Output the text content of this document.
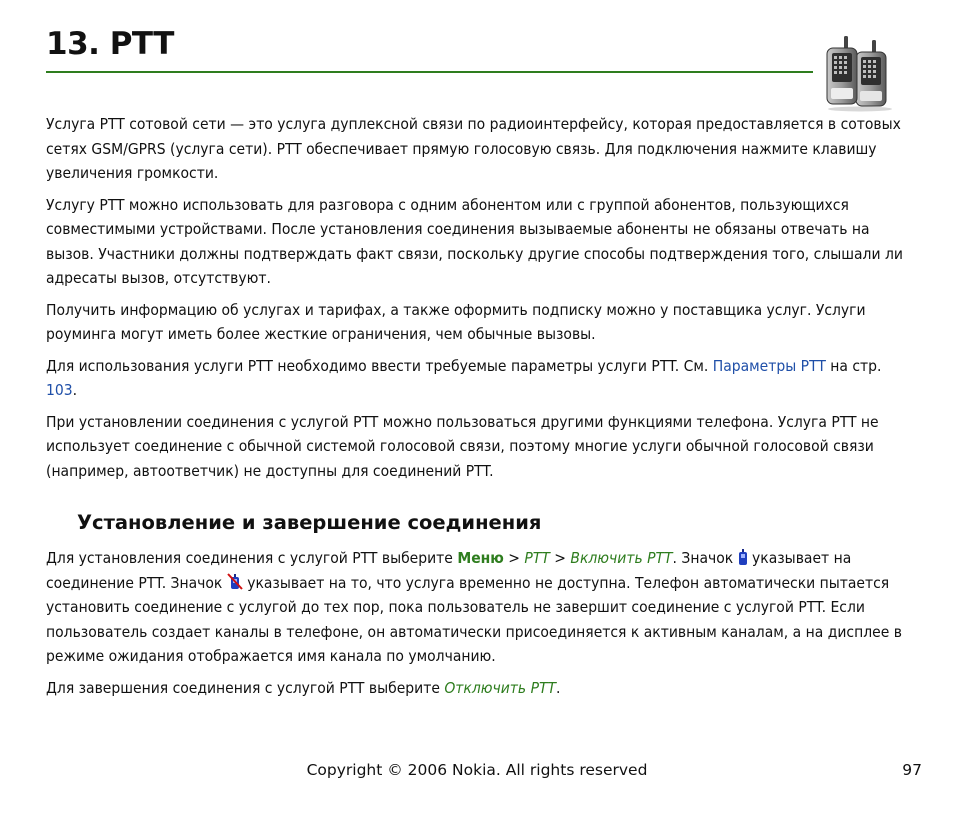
13. PTT

Услуга PTT сотовой сети — это услуга дуплексной связи по радиоинтерфейсу, которая предоставляется в сотовых сетях GSM/GPRS (услуга сети). PTT обеспечивает прямую голосовую связь. Для подключения нажмите клавишу увеличения громкости.

Услугу PTT можно использовать для разговора с одним абонентом или с группой абонентов, пользующихся совместимыми устройствами. После установления соединения вызываемые абоненты не обязаны отвечать на вызов. Участники должны подтверждать факт связи, поскольку другие способы подтверждения того, слышали ли адресаты вызов, отсутствуют.

Получить информацию об услугах и тарифах, а также оформить подписку можно у поставщика услуг. Услуги роуминга могут иметь более жесткие ограничения, чем обычные вызовы.

Для использования услуги PTT необходимо ввести требуемые параметры услуги PTT. См. Параметры PTT на стр. 103.

При установлении соединения с услугой PTT можно пользоваться другими функциями телефона. Услуга PTT не использует соединение с обычной системой голосовой связи, поэтому многие услуги обычной голосовой связи (например, автоответчик) не доступны для соединений PTT.

Установление и завершение соединения

Для установления соединения с услугой PTT выберите Меню > PTT > Включить PTT. Значок  указывает на соединение PTT. Значок  указывает на то, что услуга временно не доступна. Телефон автоматически пытается установить соединение с услугой до тех пор, пока пользователь не завершит соединение с услугой PTT. Если пользователь создает каналы в телефоне, он автоматически присоединяется к активным каналам, а на дисплее в режиме ожидания отображается имя канала по умолчанию.

Для завершения соединения с услугой PTT выберите Отключить PTT.

Copyright © 2006 Nokia. All rights reserved	97
